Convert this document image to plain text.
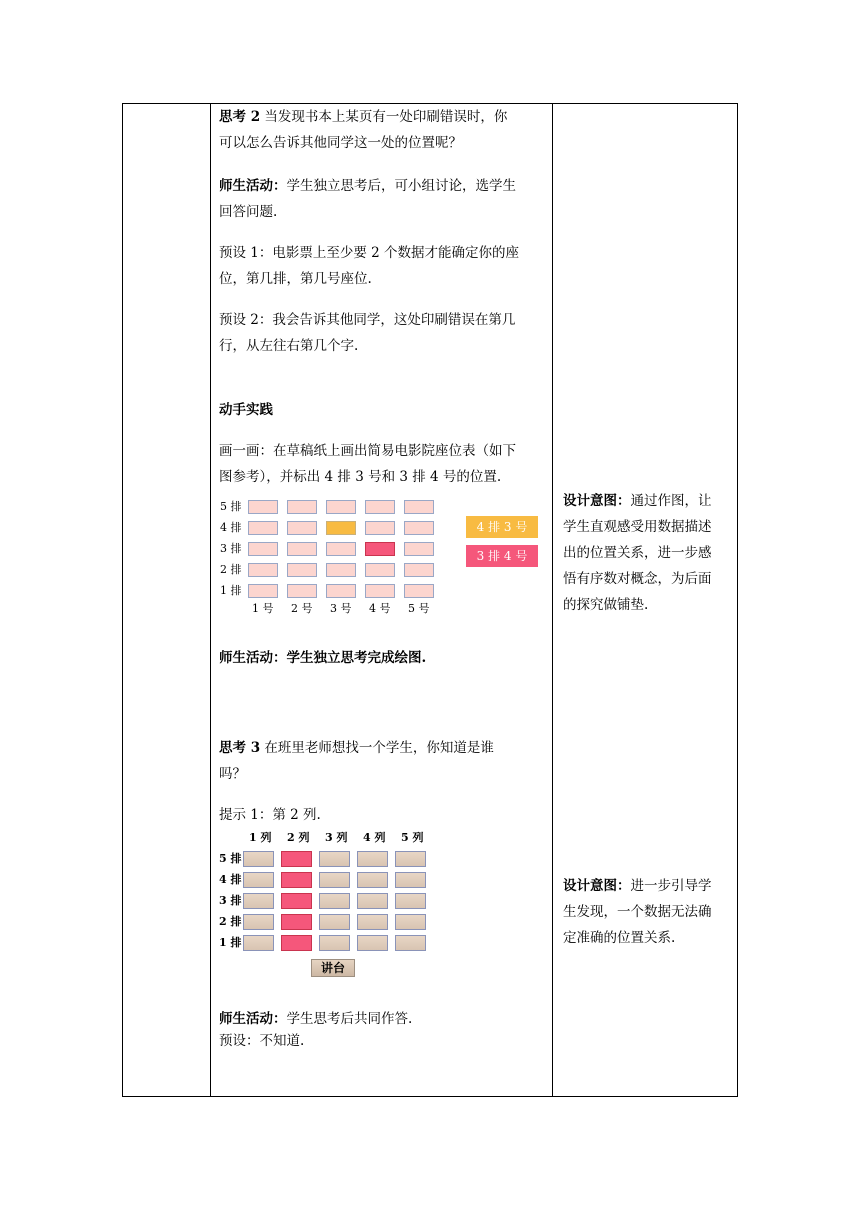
思考 2 当发现书本上某页有一处印刷错误时，你

可以怎么告诉其他同学这一处的位置呢？

师生活动：学生独立思考后，可小组讨论，选学生

回答问题.

预设 1：电影票上至少要 2 个数据才能确定你的座

位，第几排，第几号座位.

预设 2：我会告诉其他同学，这处印刷错误在第几

行，从左往右第几个字.

动手实践

画一画：在草稿纸上画出简易电影院座位表（如下

图参考），并标出 4 排 3 号和 3 排 4 号的位置.

5 排
4 排
3 排
2 排
1 排
1 号 2 号 3 号 4 号 5 号
4 排 3 号
3 排 4 号

师生活动：学生独立思考完成绘图.

思考 3 在班里老师想找一个学生，你知道是谁

吗？

提示 1：第 2 列.

1 列 2 列 3 列 4 列 5 列
5 排
4 排
3 排
2 排
1 排
讲台

师生活动：学生思考后共同作答.

预设：不知道.

设计意图：通过作图，让

学生直观感受用数据描述

出的位置关系，进一步感

悟有序数对概念，为后面

的探究做铺垫.

设计意图：进一步引导学

生发现，一个数据无法确

定准确的位置关系.
